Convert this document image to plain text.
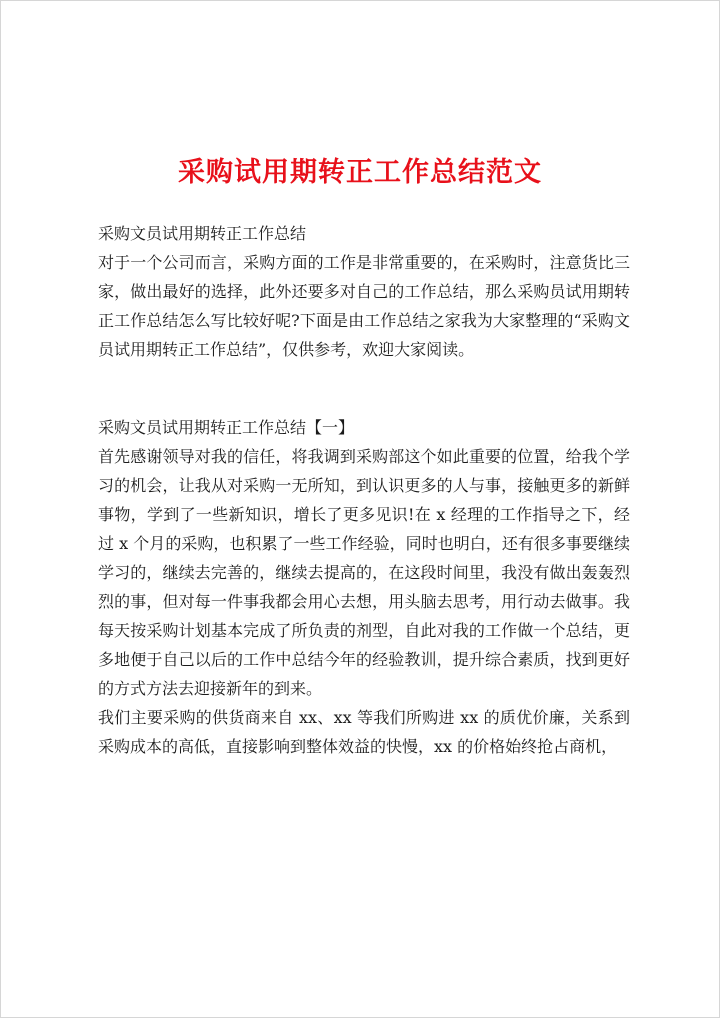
采购试用期转正工作总结范文

采购文员试用期转正工作总结

对于一个公司而言，采购方面的工作是非常重要的，在采购时，注意货比三家，做出最好的选择，此外还要多对自己的工作总结，那么采购员试用期转正工作总结怎么写比较好呢?下面是由工作总结之家我为大家整理的“采购文员试用期转正工作总结”，仅供参考，欢迎大家阅读。

采购文员试用期转正工作总结【一】

首先感谢领导对我的信任，将我调到采购部这个如此重要的位置，给我个学习的机会，让我从对采购一无所知，到认识更多的人与事，接触更多的新鲜事物，学到了一些新知识，增长了更多见识!在 x 经理的工作指导之下，经过 x 个月的采购，也积累了一些工作经验，同时也明白，还有很多事要继续学习的，继续去完善的，继续去提高的，在这段时间里，我没有做出轰轰烈烈的事，但对每一件事我都会用心去想，用头脑去思考，用行动去做事。我每天按采购计划基本完成了所负责的剂型，自此对我的工作做一个总结，更多地便于自己以后的工作中总结今年的经验教训，提升综合素质，找到更好的方式方法去迎接新年的到来。

我们主要采购的供货商来自 xx、xx 等我们所购进 xx 的质优价廉，关系到采购成本的高低，直接影响到整体效益的快慢，xx 的价格始终抢占商机，
